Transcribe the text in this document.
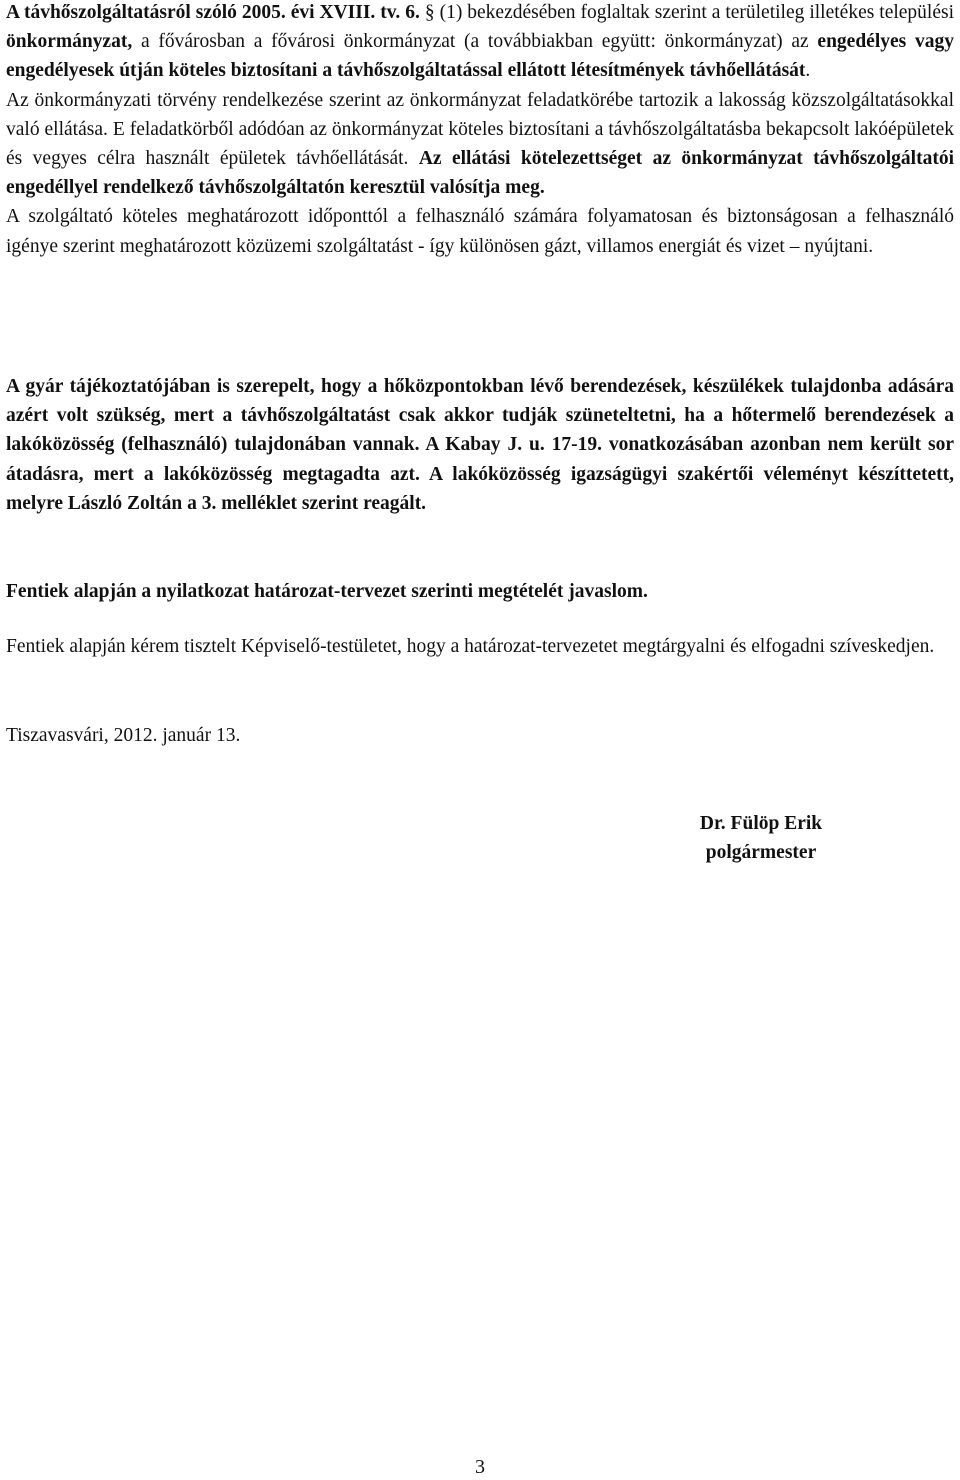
A távhőszolgáltatásról szóló 2005. évi XVIII. tv. 6. § (1) bekezdésében foglaltak szerint a területileg illetékes települési önkormányzat, a fővárosban a fővárosi önkormányzat (a továbbiakban együtt: önkormányzat) az engedélyes vagy engedélyesek útján köteles biztosítani a távhőszolgáltatással ellátott létesítmények távhőellátását.

Az önkormányzati törvény rendelkezése szerint az önkormányzat feladatkörébe tartozik a lakosság közszolgáltatásokkal való ellátása. E feladatkörből adódóan az önkormányzat köteles biztosítani a távhőszolgáltatásba bekapcsolt lakóépületek és vegyes célra használt épületek távhőellátását. Az ellátási kötelezettséget az önkormányzat távhőszolgáltatói engedéllyel rendelkező távhőszolgáltatón keresztül valósítja meg.

A szolgáltató köteles meghatározott időponttól a felhasználó számára folyamatosan és biztonságosan a felhasználó igénye szerint meghatározott közüzemi szolgáltatást - így különösen gázt, villamos energiát és vizet – nyújtani.

A gyár tájékoztatójában is szerepelt, hogy a hőközpontokban lévő berendezések, készülékek tulajdonba adására azért volt szükség, mert a távhőszolgáltatást csak akkor tudják szüneteltetni, ha a hőtermelő berendezések a lakóközösség (felhasználó) tulajdonában vannak. A Kabay J. u. 17-19. vonatkozásában azonban nem került sor átadásra, mert a lakóközösség megtagadta azt. A lakóközösség igazságügyi szakértői véleményt készíttetett, melyre László Zoltán a 3. melléklet szerint reagált.

Fentiek alapján a nyilatkozat határozat-tervezet szerinti megtételét javaslom.

Fentiek alapján kérem tisztelt Képviselő-testületet, hogy a határozat-tervezetet megtárgyalni és elfogadni szíveskedjen.

Tiszavasvári, 2012. január 13.

Dr. Fülöp Erik
polgármester
3
